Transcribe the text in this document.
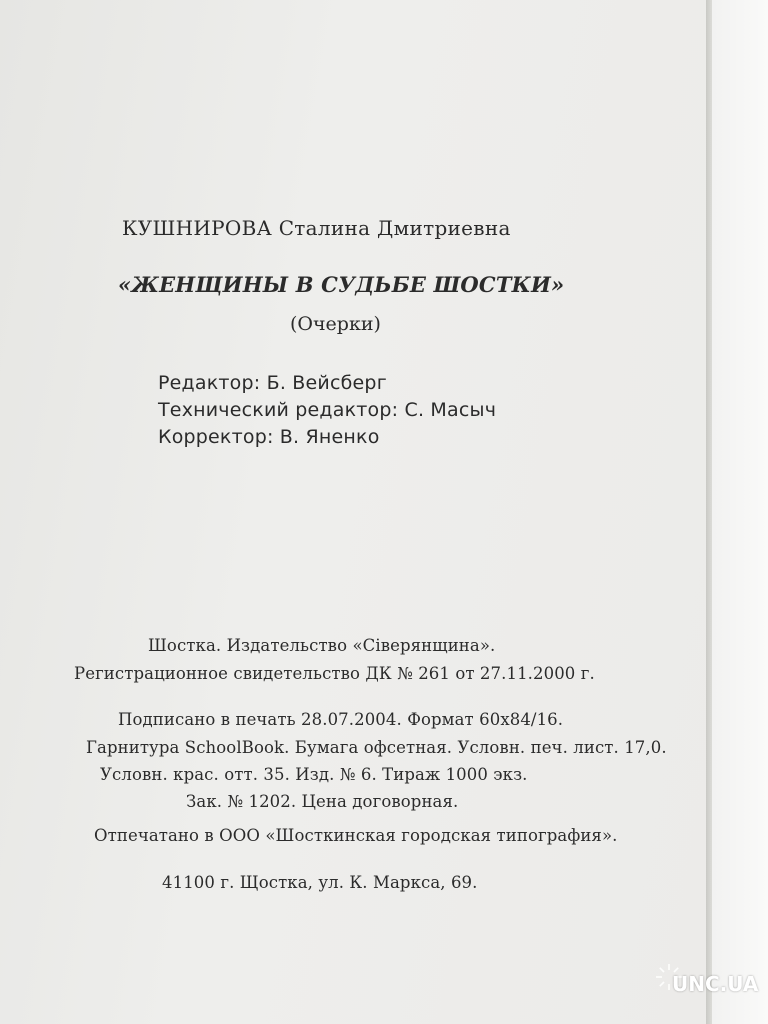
КУШНИРОВА Сталина Дмитриевна
«ЖЕНЩИНЫ В СУДЬБЕ ШОСТКИ»
(Очерки)
Редактор: Б. Вейсберг
Технический редактор: С. Масыч
Корректор: В. Яненко
Шостка. Издательство «Сіверянщина».
Регистрационное свидетельство ДК № 261 от 27.11.2000 г.
Подписано в печать 28.07.2004. Формат 60x84/16.
Гарнитура SchoolBook. Бумага офсетная. Условн. печ. лист. 17,0.
Условн. крас. отт. 35. Изд. № 6. Тираж 1000 экз.
Зак. № 1202. Цена договорная.
Отпечатано в ООО «Шосткинская городская типография».
41100 г. Щостка, ул. К. Маркса, 69.
UNC.UA
